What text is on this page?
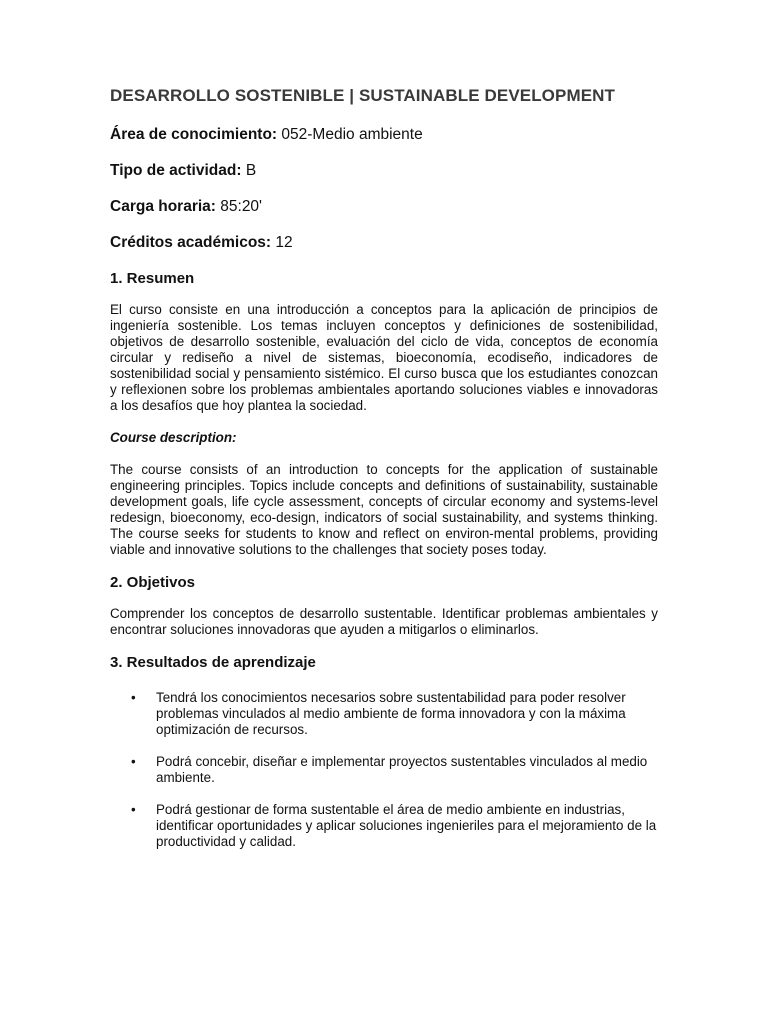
DESARROLLO SOSTENIBLE | SUSTAINABLE DEVELOPMENT
Área de conocimiento: 052-Medio ambiente
Tipo de actividad: B
Carga horaria: 85:20'
Créditos académicos: 12
1. Resumen

El curso consiste en una introducción a conceptos para la aplicación de principios de ingeniería sostenible. Los temas incluyen conceptos y definiciones de sostenibilidad, objetivos de desarrollo sostenible, evaluación del ciclo de vida, conceptos de economía circular y rediseño a nivel de sistemas, bioeconomía, ecodiseño, indicadores de sostenibilidad social y pensamiento sistémico. El curso busca que los estudiantes conozcan y reflexionen sobre los problemas ambientales aportando soluciones viables e innovadoras a los desafíos que hoy plantea la sociedad.

Course description:

The course consists of an introduction to concepts for the application of sustainable engineering principles. Topics include concepts and definitions of sustainability, sustainable development goals, life cycle assessment, concepts of circular economy and systems-level redesign, bioeconomy, eco-design, indicators of social sustainability, and systems thinking. The course seeks for students to know and reflect on environ-mental problems, providing viable and innovative solutions to the challenges that society poses today.

2. Objetivos

Comprender los conceptos de desarrollo sustentable. Identificar problemas ambientales y encontrar soluciones innovadoras que ayuden a mitigarlos o eliminarlos.

3. Resultados de aprendizaje
• Tendrá los conocimientos necesarios sobre sustentabilidad para poder resolver problemas vinculados al medio ambiente de forma innovadora y con la máxima optimización de recursos.
• Podrá concebir, diseñar e implementar proyectos sustentables vinculados al medio ambiente.
• Podrá gestionar de forma sustentable el área de medio ambiente en industrias, identificar oportunidades y aplicar soluciones ingenieriles para el mejoramiento de la productividad y calidad.
